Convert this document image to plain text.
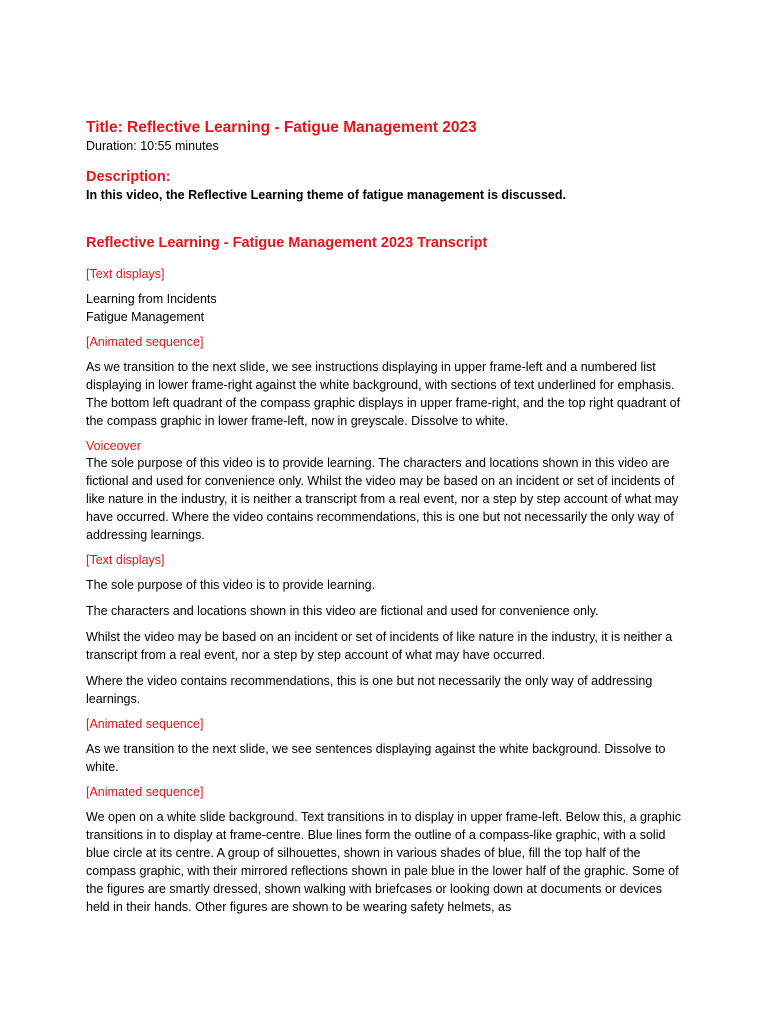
Title: Reflective Learning - Fatigue Management 2023

Duration: 10:55 minutes

Description:

In this video, the Reflective Learning theme of fatigue management is discussed.

Reflective Learning - Fatigue Management 2023 Transcript

[Text displays]

Learning from Incidents

Fatigue Management

[Animated sequence]

As we transition to the next slide, we see instructions displaying in upper frame-left and a numbered list displaying in lower frame-right against the white background, with sections of text underlined for emphasis. The bottom left quadrant of the compass graphic displays in upper frame-right, and the top right quadrant of the compass graphic in lower frame-left, now in greyscale. Dissolve to white.

Voiceover

The sole purpose of this video is to provide learning. The characters and locations shown in this video are fictional and used for convenience only. Whilst the video may be based on an incident or set of incidents of like nature in the industry, it is neither a transcript from a real event, nor a step by step account of what may have occurred. Where the video contains recommendations, this is one but not necessarily the only way of addressing learnings.

[Text displays]

The sole purpose of this video is to provide learning.

The characters and locations shown in this video are fictional and used for convenience only.

Whilst the video may be based on an incident or set of incidents of like nature in the industry, it is neither a transcript from a real event, nor a step by step account of what may have occurred.

Where the video contains recommendations, this is one but not necessarily the only way of addressing learnings.

[Animated sequence]

As we transition to the next slide, we see sentences displaying against the white background. Dissolve to white.

[Animated sequence]

We open on a white slide background. Text transitions in to display in upper frame-left. Below this, a graphic transitions in to display at frame-centre. Blue lines form the outline of a compass-like graphic, with a solid blue circle at its centre. A group of silhouettes, shown in various shades of blue, fill the top half of the compass graphic, with their mirrored reflections shown in pale blue in the lower half of the graphic. Some of the figures are smartly dressed, shown walking with briefcases or looking down at documents or devices held in their hands. Other figures are shown to be wearing safety helmets, as
